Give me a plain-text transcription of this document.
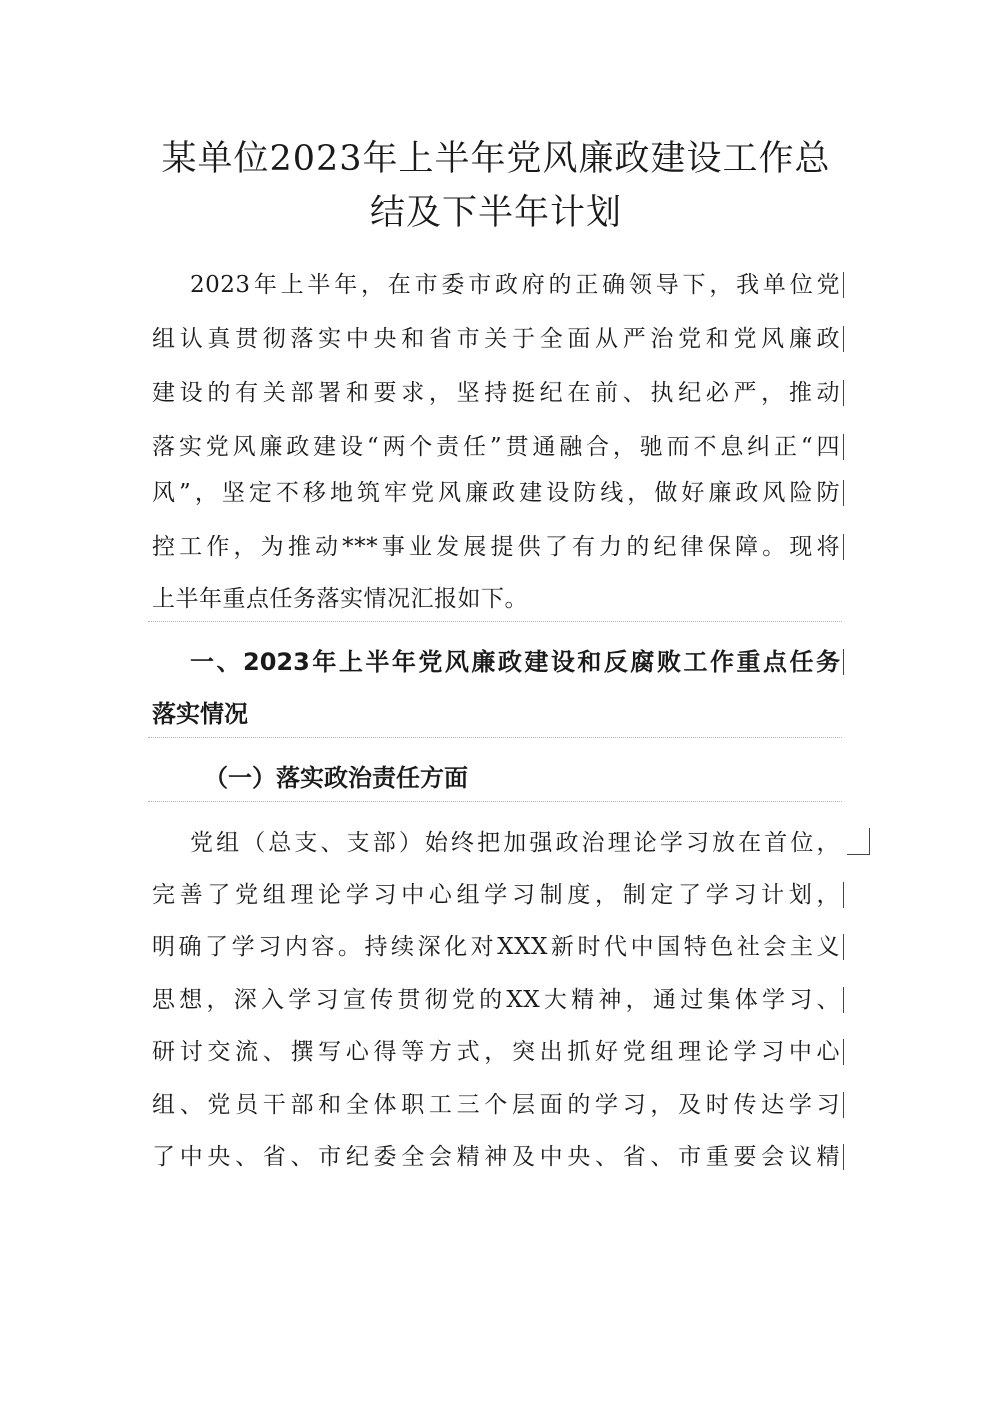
某单位2023年上半年党风廉政建设工作总
结及下半年计划
2023年上半年，在市委市政府的正确领导下，我单位党
组认真贯彻落实中央和省市关于全面从严治党和党风廉政
建设的有关部署和要求，坚持挺纪在前、执纪必严，推动
落实党风廉政建设“两个责任”贯通融合，驰而不息纠正“四
风”，坚定不移地筑牢党风廉政建设防线，做好廉政风险防
控工作，为推动***事业发展提供了有力的纪律保障。现将
上半年重点任务落实情况汇报如下。
一、2023年上半年党风廉政建设和反腐败工作重点任务
落实情况
（一）落实政治责任方面
党组（总支、支部）始终把加强政治理论学习放在首位，
完善了党组理论学习中心组学习制度，制定了学习计划，
明确了学习内容。持续深化对XXX新时代中国特色社会主义
思想，深入学习宣传贯彻党的XX大精神，通过集体学习、
研讨交流、撰写心得等方式，突出抓好党组理论学习中心
组、党员干部和全体职工三个层面的学习，及时传达学习
了中央、省、市纪委全会精神及中央、省、市重要会议精
